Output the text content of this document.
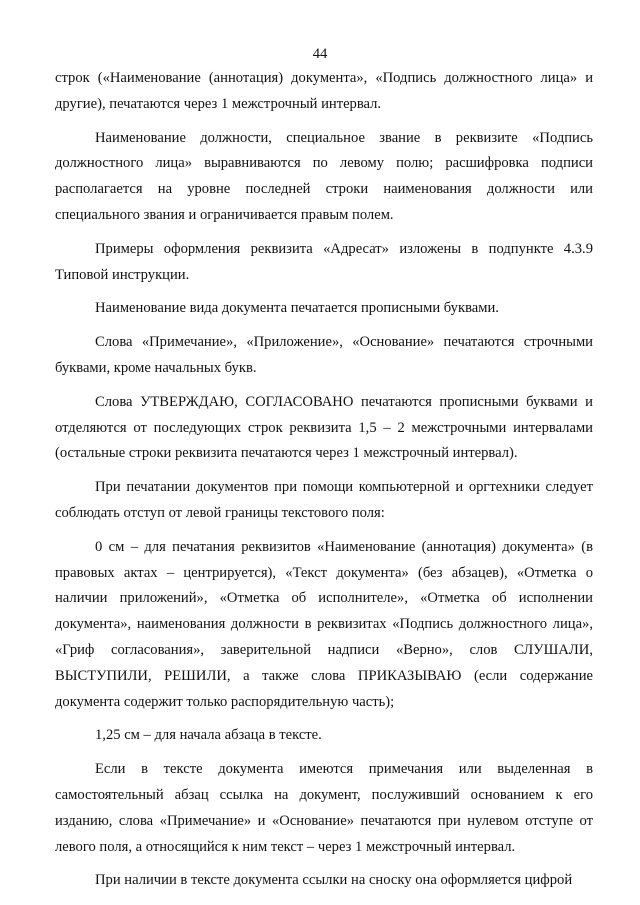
44

строк («Наименование (аннотация) документа», «Подпись должностного лица» и другие), печатаются через 1 межстрочный интервал.

Наименование должности, специальное звание в реквизите «Подпись должностного лица» выравниваются по левому полю; расшифровка подписи располагается на уровне последней строки наименования должности или специального звания и ограничивается правым полем.

Примеры оформления реквизита «Адресат» изложены в подпункте 4.3.9 Типовой инструкции.

Наименование вида документа печатается прописными буквами.

Слова «Примечание», «Приложение», «Основание» печатаются строчными буквами, кроме начальных букв.

Слова УТВЕРЖДАЮ, СОГЛАСОВАНО печатаются прописными буквами и отделяются от последующих строк реквизита 1,5 – 2 межстрочными интервалами (остальные строки реквизита печатаются через 1 межстрочный интервал).

При печатании документов при помощи компьютерной и оргтехники следует соблюдать отступ от левой границы текстового поля:

0 см – для печатания реквизитов «Наименование (аннотация) документа» (в правовых актах – центрируется), «Текст документа» (без абзацев), «Отметка о наличии приложений», «Отметка об исполнителе», «Отметка об исполнении документа», наименования должности в реквизитах «Подпись должностного лица», «Гриф согласования», заверительной надписи «Верно», слов СЛУШАЛИ, ВЫСТУПИЛИ, РЕШИЛИ, а также слова ПРИКАЗЫВАЮ (если содержание документа содержит только распорядительную часть);

1,25 см – для начала абзаца в тексте.

Если в тексте документа имеются примечания или выделенная в самостоятельный абзац ссылка на документ, послуживший основанием к его изданию, слова «Примечание» и «Основание» печатаются при нулевом отступе от левого поля, а относящийся к ним текст – через 1 межстрочный интервал.

При наличии в тексте документа ссылки на сноску она оформляется цифрой
